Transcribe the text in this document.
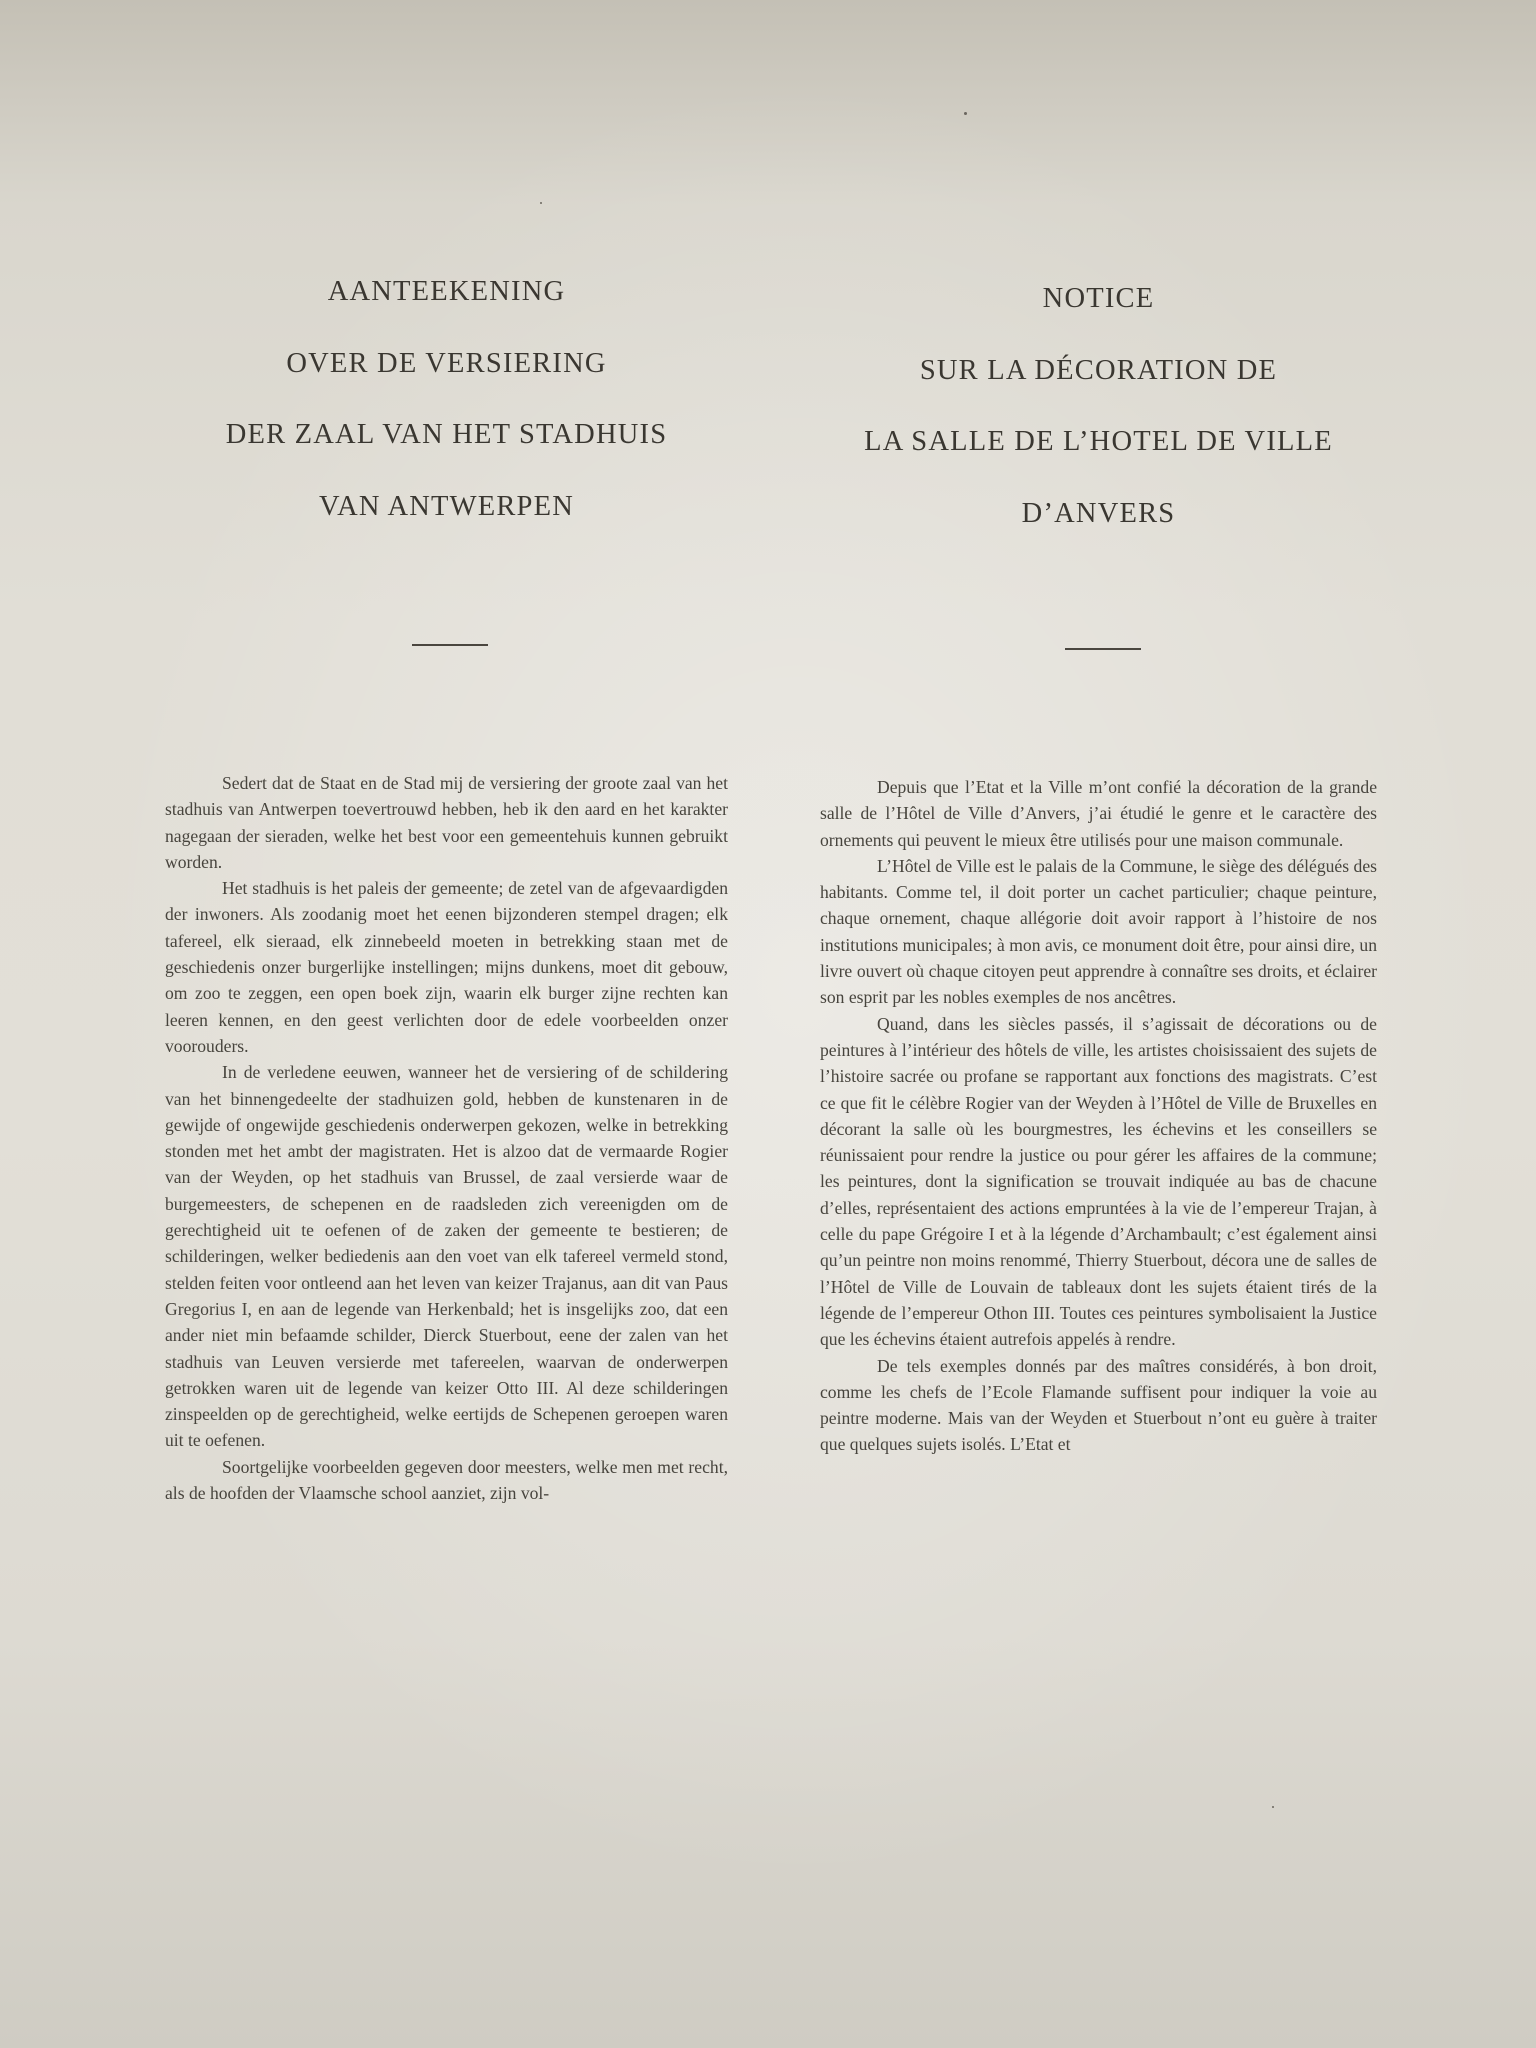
AANTEEKENING
OVER DE VERSIERING
DER ZAAL VAN HET STADHUIS
VAN ANTWERPEN

Sedert dat de Staat en de Stad mij de versiering der groote zaal van het stadhuis van Antwerpen toevertrouwd hebben, heb ik den aard en het karakter nagegaan der sieraden, welke het best voor een gemeentehuis kunnen gebruikt worden.

Het stadhuis is het paleis der gemeente; de zetel van de afgevaardigden der inwoners. Als zoodanig moet het eenen bijzonderen stempel dragen; elk tafereel, elk sieraad, elk zinnebeeld moeten in betrekking staan met de geschiedenis onzer burgerlijke instellingen; mijns dunkens, moet dit gebouw, om zoo te zeggen, een open boek zijn, waarin elk burger zijne rechten kan leeren kennen, en den geest verlichten door de edele voorbeelden onzer voorouders.

In de verledene eeuwen, wanneer het de versiering of de schildering van het binnengedeelte der stadhuizen gold, hebben de kunstenaren in de gewijde of ongewijde geschiedenis onderwerpen gekozen, welke in betrekking stonden met het ambt der magistraten. Het is alzoo dat de vermaarde Rogier van der Weyden, op het stadhuis van Brussel, de zaal versierde waar de burgemeesters, de schepenen en de raadsleden zich vereenigden om de gerechtigheid uit te oefenen of de zaken der gemeente te bestieren; de schilderingen, welker bediedenis aan den voet van elk tafereel vermeld stond, stelden feiten voor ontleend aan het leven van keizer Trajanus, aan dit van Paus Gregorius I, en aan de legende van Herkenbald; het is insgelijks zoo, dat een ander niet min befaamde schilder, Dierck Stuerbout, eene der zalen van het stadhuis van Leuven versierde met tafereelen, waarvan de onderwerpen getrokken waren uit de legende van keizer Otto III. Al deze schilderingen zinspeelden op de gerechtigheid, welke eertijds de Schepenen geroepen waren uit te oefenen.

Soortgelijke voorbeelden gegeven door meesters, welke men met recht, als de hoofden der Vlaamsche school aanziet, zijn vol-

NOTICE
SUR LA DÉCORATION DE
LA SALLE DE L’HOTEL DE VILLE
D’ANVERS

Depuis que l’Etat et la Ville m’ont confié la décoration de la grande salle de l’Hôtel de Ville d’Anvers, j’ai étudié le genre et le caractère des ornements qui peuvent le mieux être utilisés pour une maison communale.

L’Hôtel de Ville est le palais de la Commune, le siège des délégués des habitants. Comme tel, il doit porter un cachet particulier; chaque peinture, chaque ornement, chaque allégorie doit avoir rapport à l’histoire de nos institutions municipales; à mon avis, ce monument doit être, pour ainsi dire, un livre ouvert où chaque citoyen peut apprendre à connaître ses droits, et éclairer son esprit par les nobles exemples de nos ancêtres.

Quand, dans les siècles passés, il s’agissait de décorations ou de peintures à l’intérieur des hôtels de ville, les artistes choisissaient des sujets de l’histoire sacrée ou profane se rapportant aux fonctions des magistrats. C’est ce que fit le célèbre Rogier van der Weyden à l’Hôtel de Ville de Bruxelles en décorant la salle où les bourgmestres, les échevins et les conseillers se réunissaient pour rendre la justice ou pour gérer les affaires de la commune; les peintures, dont la signification se trouvait indiquée au bas de chacune d’elles, représentaient des actions empruntées à la vie de l’empereur Trajan, à celle du pape Grégoire I et à la légende d’Archambault; c’est également ainsi qu’un peintre non moins renommé, Thierry Stuerbout, décora une de salles de l’Hôtel de Ville de Louvain de tableaux dont les sujets étaient tirés de la légende de l’empereur Othon III. Toutes ces peintures symbolisaient la Justice que les échevins étaient autrefois appelés à rendre.

De tels exemples donnés par des maîtres considérés, à bon droit, comme les chefs de l’Ecole Flamande suffisent pour indiquer la voie au peintre moderne. Mais van der Weyden et Stuerbout n’ont eu guère à traiter que quelques sujets isolés. L’Etat et
